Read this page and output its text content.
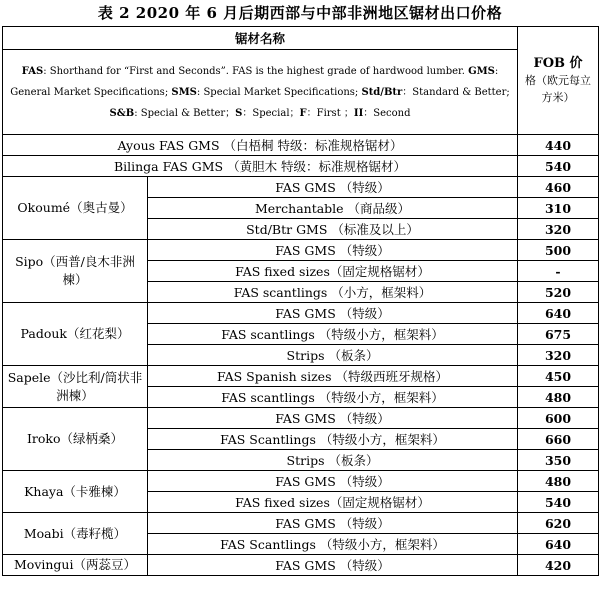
表 2 2020 年 6 月后期西部与中部非洲地区锯材出口价格
锯材名称		FOB 价
格（欧元每立方米）
FAS: Shorthand for “First and Seconds”. FAS is the highest grade of hardwood lumber. GMS: General Market Specifications; SMS: Special Market Specifications; Std/Btr：Standard & Better;
S&B: Special & Better；S：Special；F：First ；II：Second		
Ayous FAS GMS （白梧桐 特级：标准规格锯材）		440
Bilinga FAS GMS （黄胆木 特级：标准规格锯材）		540
Okoumé（奥古曼）	FAS GMS （特级）	460
	Merchantable （商品级）	310
	Std/Btr GMS （标准及以上）	320
Sipo（西普/良木非洲楝）	FAS GMS （特级）	500
	FAS fixed sizes（固定规格锯材）	-
	FAS scantlings （小方，框架料）	520
Padouk（红花梨）	FAS GMS （特级）	640
	FAS scantlings （特级小方，框架料）	675
	Strips （板条）	320
Sapele（沙比利/筒状非洲楝）	FAS Spanish sizes （特级西班牙规格）	450
	FAS scantlings （特级小方，框架料）	480
Iroko（绿柄桑）	FAS GMS （特级）	600
	FAS Scantlings （特级小方，框架料）	660
	Strips （板条）	350
Khaya（卡雅楝）	FAS GMS （特级）	480
	FAS fixed sizes（固定规格锯材）	540
Moabi（毒籽榄）	FAS GMS （特级）	620
	FAS Scantlings （特级小方，框架料）	640
Movingui（两蕊豆）	FAS GMS （特级）	420
